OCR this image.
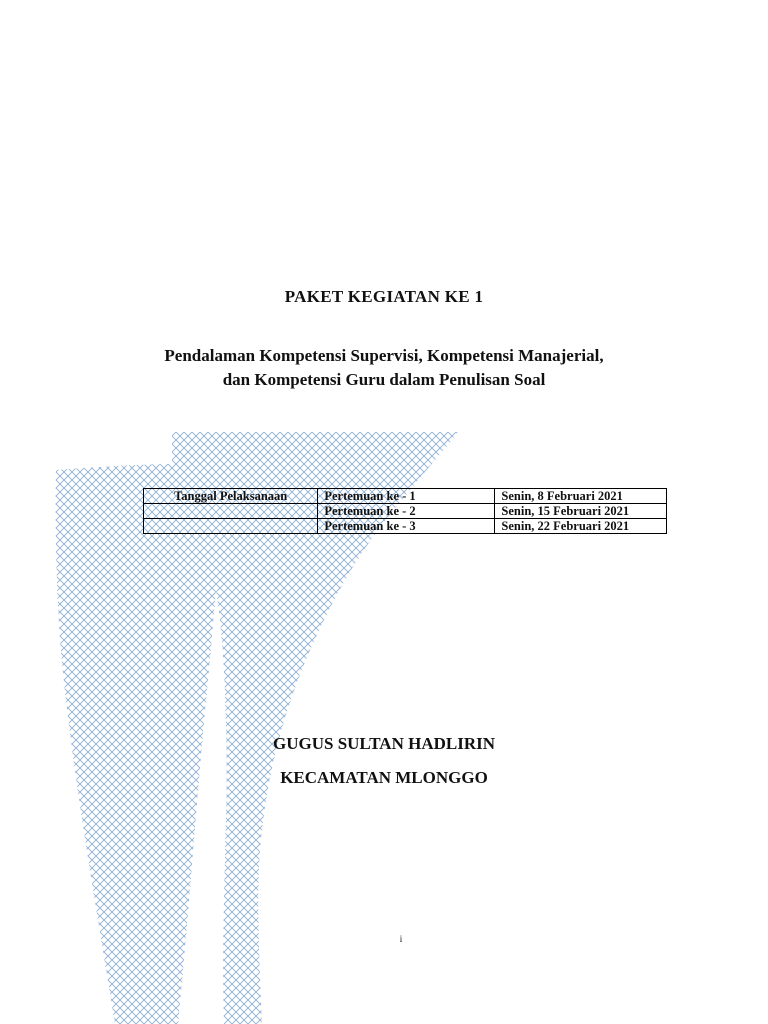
PAKET KEGIATAN KE 1
Pendalaman Kompetensi Supervisi, Kompetensi Manajerial,
dan Kompetensi Guru dalam Penulisan Soal
Tanggal Pelaksanaan	Pertemuan ke - 1	Senin, 8 Februari 2021
	Pertemuan ke - 2	Senin, 15 Februari 2021
	Pertemuan ke - 3	Senin, 22 Februari 2021
GUGUS SULTAN HADLIRIN
KECAMATAN MLONGGO
i
